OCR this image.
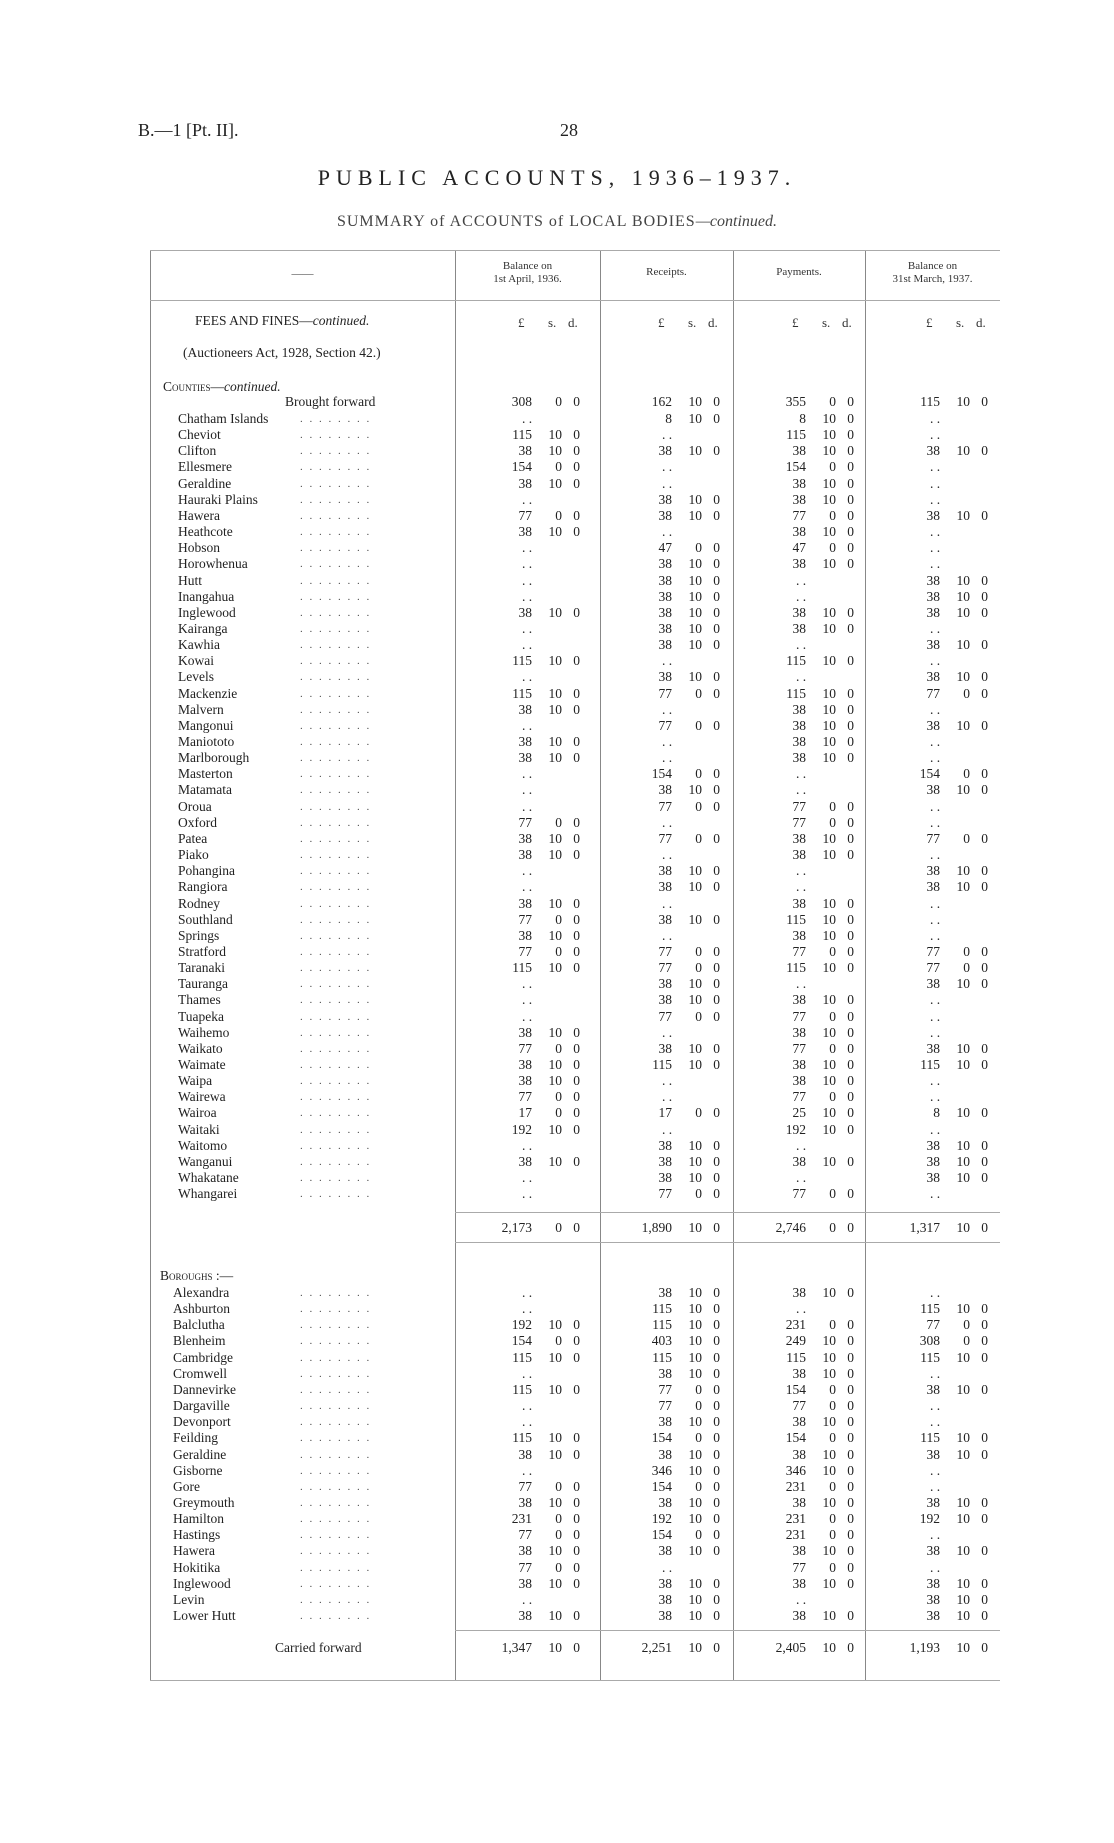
B.—1 [Pt. II].	28
PUBLIC ACCOUNTS, 1936–1937.
SUMMARY of ACCOUNTS of LOCAL BODIES—continued.
——
Balance on
1st April, 1936.
Receipts.	Payments.	Balance on
31st March, 1937.
£ s. d.	£ s. d.	£ s. d.	£ s. d.
FEES AND FINES—continued.
(Auctioneers Act, 1928, Section 42.)
Counties—continued.
Brought forward	308	0 0	162	10 0	355	0 0	115	10 0
Chatham Islands	. . . . . . . .	. .	8	10 0	8	10 0	. .
Cheviot	. . . . . . . .	115	10 0	. .	115	10 0	. .
Clifton	. . . . . . . .	38	10 0	38	10 0	38	10 0	38	10 0
Ellesmere	. . . . . . . .	154	0 0	. .	154	0 0	. .
Geraldine	. . . . . . . .	38	10 0	. .	38	10 0	. .
Hauraki Plains	. . . . . . . .	. .	38	10 0	38	10 0	. .
Hawera	. . . . . . . .	77	0 0	38	10 0	77	0 0	38	10 0
Heathcote	. . . . . . . .	38	10 0	. .	38	10 0	. .
Hobson	. . . . . . . .	. .	47	0 0	47	0 0	. .
Horowhenua	. . . . . . . .	. .	38	10 0	38	10 0	. .
Hutt	. . . . . . . .	. .	38	10 0	. .	38	10 0
Inangahua	. . . . . . . .	. .	38	10 0	. .	38	10 0
Inglewood	. . . . . . . .	38	10 0	38	10 0	38	10 0	38	10 0
Kairanga	. . . . . . . .	. .	38	10 0	38	10 0	. .
Kawhia	. . . . . . . .	. .	38	10 0	. .	38	10 0
Kowai	. . . . . . . .	115	10 0	. .	115	10 0	. .
Levels	. . . . . . . .	. .	38	10 0	. .	38	10 0
Mackenzie	. . . . . . . .	115	10 0	77	0 0	115	10 0	77	0 0
Malvern	. . . . . . . .	38	10 0	. .	38	10 0	. .
Mangonui	. . . . . . . .	. .	77	0 0	38	10 0	38	10 0
Maniototo	. . . . . . . .	38	10 0	. .	38	10 0	. .
Marlborough	. . . . . . . .	38	10 0	. .	38	10 0	. .
Masterton	. . . . . . . .	. .	154	0 0	. .	154	0 0
Matamata	. . . . . . . .	. .	38	10 0	. .	38	10 0
Oroua	. . . . . . . .	. .	77	0 0	77	0 0	. .
Oxford	. . . . . . . .	77	0 0	. .	77	0 0	. .
Patea	. . . . . . . .	38	10 0	77	0 0	38	10 0	77	0 0
Piako	. . . . . . . .	38	10 0	. .	38	10 0	. .
Pohangina	. . . . . . . .	. .	38	10 0	. .	38	10 0
Rangiora	. . . . . . . .	. .	38	10 0	. .	38	10 0
Rodney	. . . . . . . .	38	10 0	. .	38	10 0	. .
Southland	. . . . . . . .	77	0 0	38	10 0	115	10 0	. .
Springs	. . . . . . . .	38	10 0	. .	38	10 0	. .
Stratford	. . . . . . . .	77	0 0	77	0 0	77	0 0	77	0 0
Taranaki	. . . . . . . .	115	10 0	77	0 0	115	10 0	77	0 0
Tauranga	. . . . . . . .	. .	38	10 0	. .	38	10 0
Thames	. . . . . . . .	. .	38	10 0	38	10 0	. .
Tuapeka	. . . . . . . .	. .	77	0 0	77	0 0	. .
Waihemo	. . . . . . . .	38	10 0	. .	38	10 0	. .
Waikato	. . . . . . . .	77	0 0	38	10 0	77	0 0	38	10 0
Waimate	. . . . . . . .	38	10 0	115	10 0	38	10 0	115	10 0
Waipa	. . . . . . . .	38	10 0	. .	38	10 0	. .
Wairewa	. . . . . . . .	77	0 0	. .	77	0 0	. .
Wairoa	. . . . . . . .	17	0 0	17	0 0	25	10 0	8	10 0
Waitaki	. . . . . . . .	192	10 0	. .	192	10 0	. .
Waitomo	. . . . . . . .	. .	38	10 0	. .	38	10 0
Wanganui	. . . . . . . .	38	10 0	38	10 0	38	10 0	38	10 0
Whakatane	. . . . . . . .	. .	38	10 0	. .	38	10 0
Whangarei	. . . . . . . .	. .	77	0 0	77	0 0	. .
2,173	0 0	1,890	10 0	2,746	0 0	1,317	10 0
Boroughs :—
Alexandra	. . . . . . . .	. .	38	10 0	38	10 0	. .
Ashburton	. . . . . . . .	. .	115	10 0	. .	115	10 0
Balclutha	. . . . . . . .	192	10 0	115	10 0	231	0 0	77	0 0
Blenheim	. . . . . . . .	154	0 0	403	10 0	249	10 0	308	0 0
Cambridge	. . . . . . . .	115	10 0	115	10 0	115	10 0	115	10 0
Cromwell	. . . . . . . .	. .	38	10 0	38	10 0	. .
Dannevirke	. . . . . . . .	115	10 0	77	0 0	154	0 0	38	10 0
Dargaville	. . . . . . . .	. .	77	0 0	77	0 0	. .
Devonport	. . . . . . . .	. .	38	10 0	38	10 0	. .
Feilding	. . . . . . . .	115	10 0	154	0 0	154	0 0	115	10 0
Geraldine	. . . . . . . .	38	10 0	38	10 0	38	10 0	38	10 0
Gisborne	. . . . . . . .	. .	346	10 0	346	10 0	. .
Gore	. . . . . . . .	77	0 0	154	0 0	231	0 0	. .
Greymouth	. . . . . . . .	38	10 0	38	10 0	38	10 0	38	10 0
Hamilton	. . . . . . . .	231	0 0	192	10 0	231	0 0	192	10 0
Hastings	. . . . . . . .	77	0 0	154	0 0	231	0 0	. .
Hawera	. . . . . . . .	38	10 0	38	10 0	38	10 0	38	10 0
Hokitika	. . . . . . . .	77	0 0	. .	77	0 0	. .
Inglewood	. . . . . . . .	38	10 0	38	10 0	38	10 0	38	10 0
Levin	. . . . . . . .	. .	38	10 0	. .	38	10 0
Lower Hutt	. . . . . . . .	38	10 0	38	10 0	38	10 0	38	10 0
Carried forward	1,347	10 0	2,251	10 0	2,405	10 0	1,193	10 0
